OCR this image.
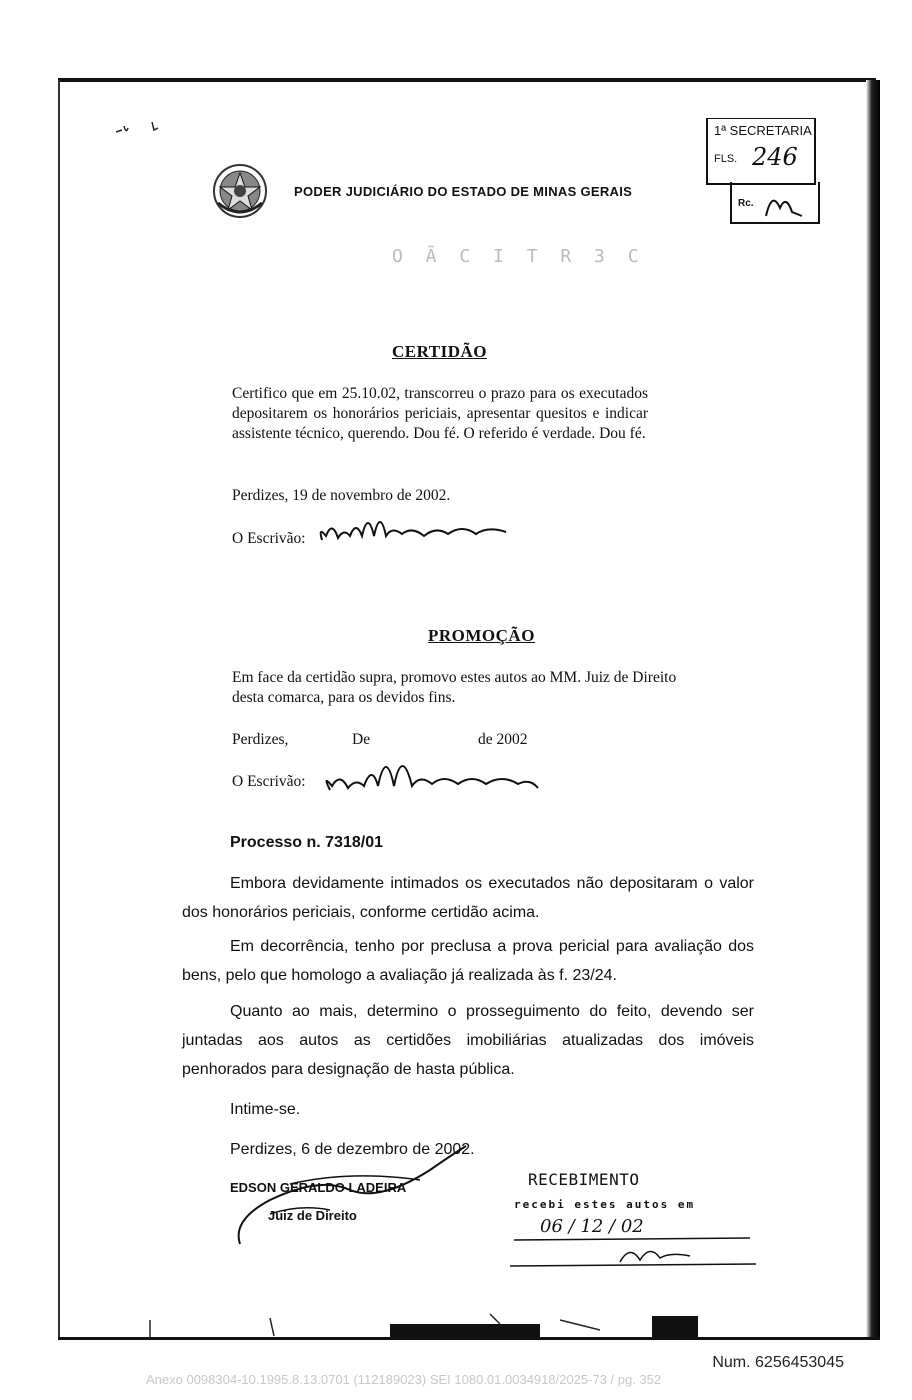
PODER JUDICIÁRIO DO ESTADO DE MINAS GERAIS
1ª SECRETARIA
FLS. 246
Rc.
O Ã C I T R 3 C
CERTIDÃO
Certifico que em 25.10.02, transcorreu o prazo para os executados depositarem os honorários periciais, apresentar quesitos e indicar assistente técnico, querendo. Dou fé. O referido é verdade. Dou fé.
Perdizes, 19 de novembro de 2002.
O Escrivão:
PROMOÇÃO
Em face da certidão supra, promovo estes autos ao MM. Juiz de Direito desta comarca, para os devidos fins.
Perdizes,	De	de 2002
O Escrivão:
Processo n. 7318/01
Embora devidamente intimados os executados não depositaram o valor dos honorários periciais, conforme certidão acima.
Em decorrência, tenho por preclusa a prova pericial para avaliação dos bens, pelo que homologo a avaliação já realizada às f. 23/24.
Quanto ao mais, determino o prosseguimento do feito, devendo ser juntadas aos autos as certidões imobiliárias atualizadas dos imóveis penhorados para designação de hasta pública.
Intime-se.
Perdizes, 6 de dezembro de 2002.
EDSON GERALDO LADEIRA
Juiz de Direito
RECEBIMENTO
recebi estes autos em
06 / 12 / 02
Num. 6256453045
Anexo 0098304-10.1995.8.13.0701 (112189023) SEI 1080.01.0034918/2025-73 / pg. 352
